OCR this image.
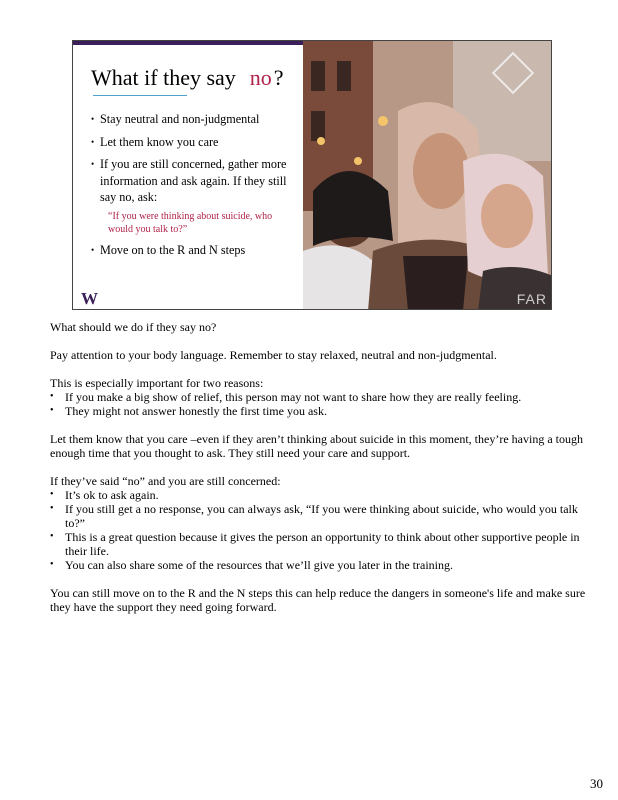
What if they say no?
• Stay neutral and non-judgmental
• Let them know you care
• If you are still concerned, gather more information and ask again. If they still say no, ask:
“If you were thinking about suicide, who would you talk to?”
• Move on to the R and N steps
W	FAR

What should we do if they say no?

Pay attention to your body language. Remember to stay relaxed, neutral and non-judgmental.

This is especially important for two reasons:

• If you make a big show of relief, this person may not want to share how they are really feeling.
• They might not answer honestly the first time you ask.

Let them know that you care –even if they aren’t thinking about suicide in this moment, they’re having a tough enough time that you thought to ask. They still need your care and support.

If they’ve said “no” and you are still concerned:

• It’s ok to ask again.
• If you still get a no response, you can always ask, “If you were thinking about suicide, who would you talk to?”
• This is a great question because it gives the person an opportunity to think about other supportive people in their life.
• You can also share some of the resources that we’ll give you later in the training.

You can still move on to the R and the N steps this can help reduce the dangers in someone's life and make sure they have the support they need going forward.

30
